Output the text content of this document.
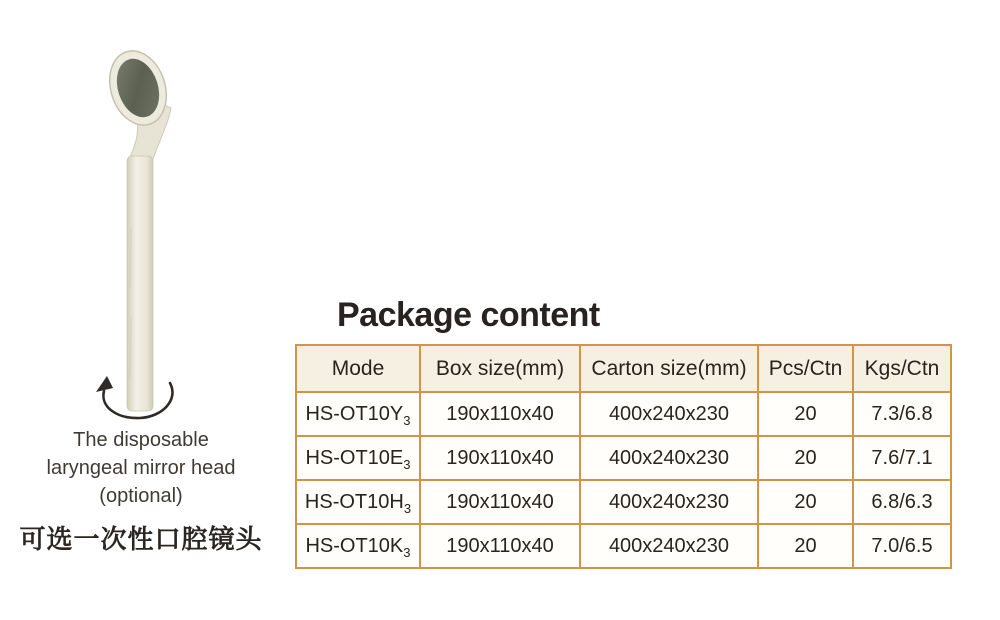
The disposable
laryngeal mirror head
(optional)
可选一次性口腔镜头
Package content
Mode	Box size(mm)	Carton size(mm)	Pcs/Ctn	Kgs/Ctn
$HS-OT10Y_3$	190x110x40	400x240x230	20	7.3/6.8
$HS-OT10E_3$	190x110x40	400x240x230	20	7.6/7.1
$HS-OT10H_3$	190x110x40	400x240x230	20	6.8/6.3
$HS-OT10K_3$	190x110x40	400x240x230	20	7.0/6.5
